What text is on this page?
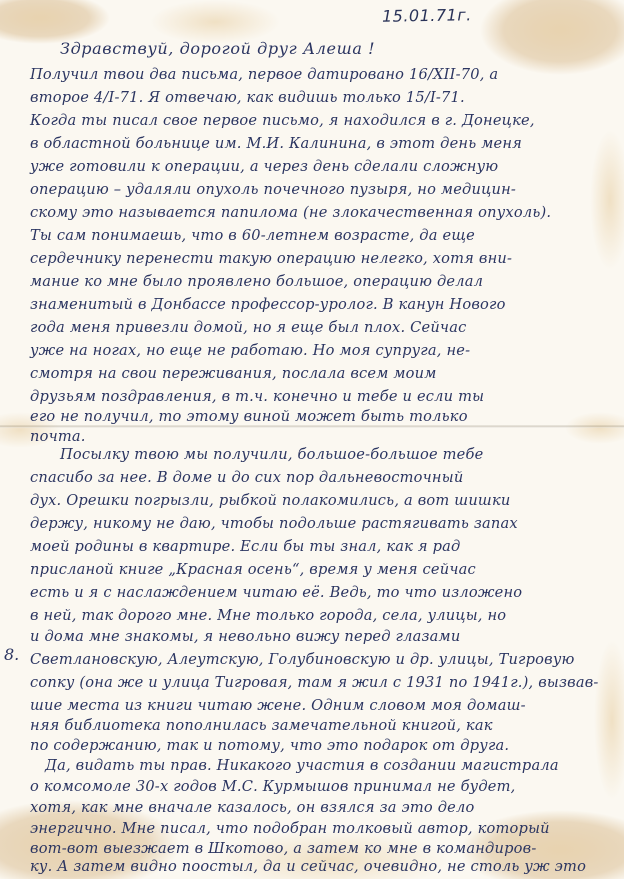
15.01.71г.
8.
Здравствуй, дорогой друг Алеша !
Получил твои два письма, первое датировано 16/XII-70, а
второе 4/I-71. Я отвечаю, как видишь только 15/I-71.
Когда ты писал свое первое письмо, я находился в г. Донецке,
в областной больнице им. М.И. Калинина, в этот день меня
уже готовили к операции, а через день сделали сложную
операцию – удаляли опухоль почечного пузыря, но медицин-
скому это называется папилома (не злокачественная опухоль).
Ты сам понимаешь, что в 60-летнем возрасте, да еще
сердечнику перенести такую операцию нелегко, хотя вни-
мание ко мне было проявлено большое, операцию делал
знаменитый в Донбассе профессор-уролог. В канун Нового
года меня привезли домой, но я еще был плох. Сейчас
уже на ногах, но еще не работаю. Но моя супруга, не-
смотря на свои переживания, послала всем моим
друзьям поздравления, в т.ч. конечно и тебе и если ты
его не получил, то этому виной может быть только
почта.
Посылку твою мы получили, большое-большое тебе
спасибо за нее. В доме и до сих пор дальневосточный
дух. Орешки погрызли, рыбкой полакомились, а вот шишки
держу, никому не даю, чтобы подольше растягивать запах
моей родины в квартире. Если бы ты знал, как я рад
присланой книге „Красная осень“, время у меня сейчас
есть и я с наслаждением читаю её. Ведь, то что изложено
в ней, так дорого мне. Мне только города, села, улицы, но
и дома мне знакомы, я невольно вижу перед глазами
Светлановскую, Алеутскую, Голубиновскую и др. улицы, Тигровую
сопку (она же и улица Тигровая, там я жил с 1931 по 1941г.), вызвав-
шие места из книги читаю жене. Одним словом моя домаш-
няя библиотека пополнилась замечательной книгой, как
по содержанию, так и потому, что это подарок от друга.
Да, видать ты прав. Никакого участия в создании магистрала
о комсомоле 30-х годов М.С. Курмышов принимал не будет,
хотя, как мне вначале казалось, он взялся за это дело
энергично. Мне писал, что подобран толковый автор, который
вот-вот выезжает в Шкотово, а затем ко мне в командиров-
ку. А затем видно поостыл, да и сейчас, очевидно, не столь уж это
